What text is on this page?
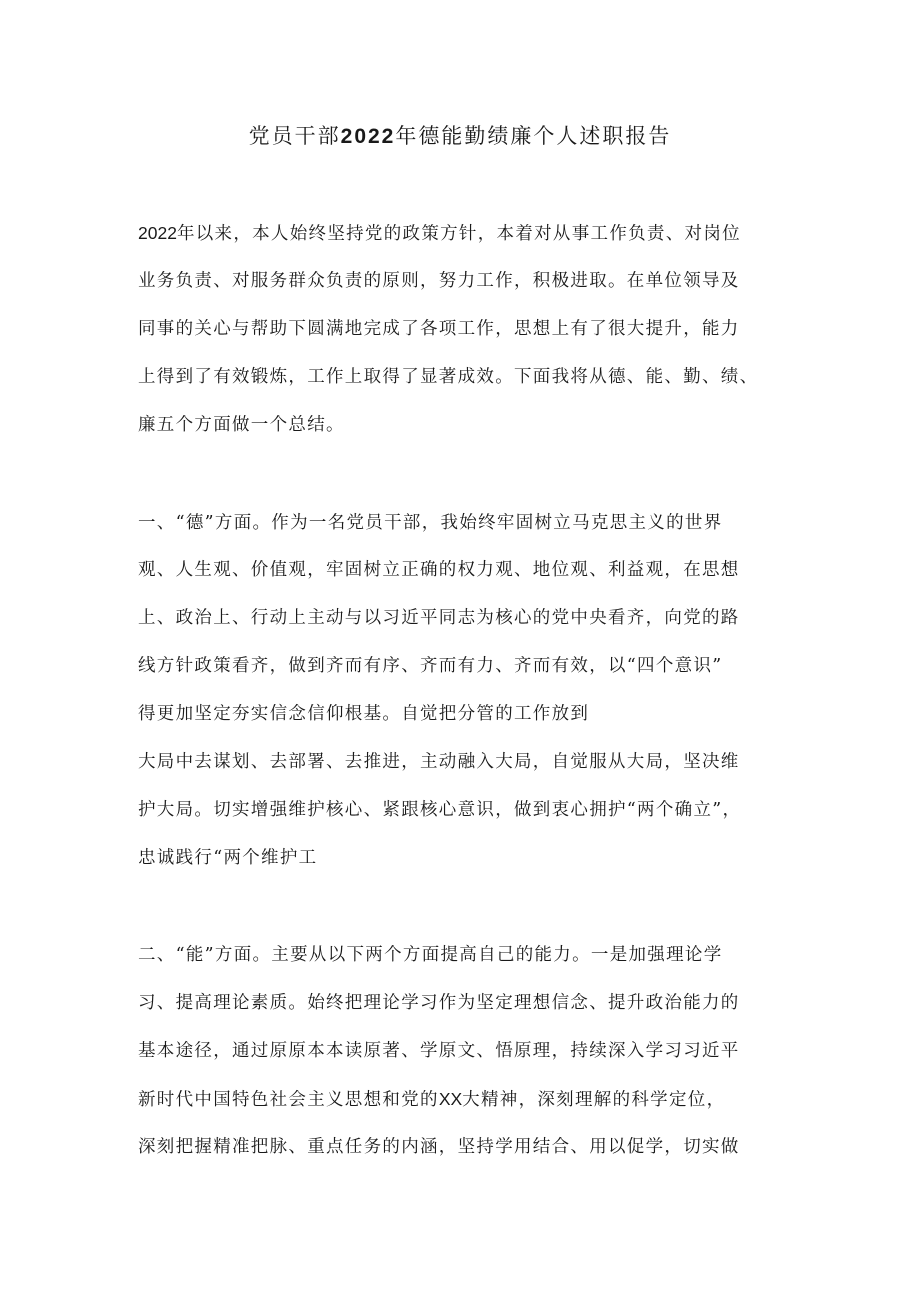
党员干部2022年德能勤绩廉个人述职报告
2022年以来，本人始终坚持党的政策方针，本着对从事工作负责、对岗位
业务负责、对服务群众负责的原则，努力工作，积极进取。在单位领导及
同事的关心与帮助下圆满地完成了各项工作，思想上有了很大提升，能力
上得到了有效锻炼，工作上取得了显著成效。下面我将从德、能、勤、绩、
廉五个方面做一个总结。
一、“德”方面。作为一名党员干部，我始终牢固树立马克思主义的世界
观、人生观、价值观，牢固树立正确的权力观、地位观、利益观，在思想
上、政治上、行动上主动与以习近平同志为核心的党中央看齐，向党的路
线方针政策看齐，做到齐而有序、齐而有力、齐而有效，以“四个意识”
得更加坚定夯实信念信仰根基。自觉把分管的工作放到
大局中去谋划、去部署、去推进，主动融入大局，自觉服从大局，坚决维
护大局。切实增强维护核心、紧跟核心意识，做到衷心拥护“两个确立”，
忠诚践行“两个维护工
二、“能”方面。主要从以下两个方面提高自己的能力。一是加强理论学
习、提高理论素质。始终把理论学习作为坚定理想信念、提升政治能力的
基本途径，通过原原本本读原著、学原文、悟原理，持续深入学习习近平
新时代中国特色社会主义思想和党的XX大精神，深刻理解的科学定位，
深刻把握精准把脉、重点任务的内涵，坚持学用结合、用以促学，切实做
